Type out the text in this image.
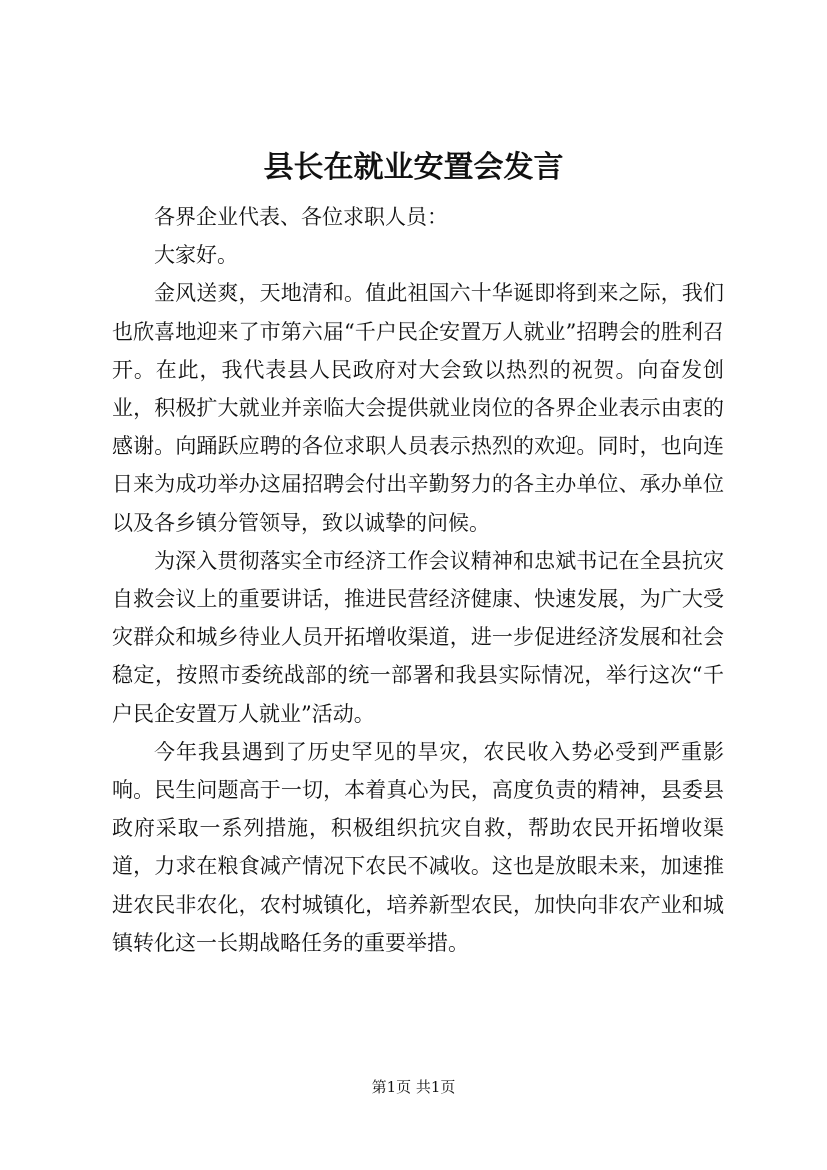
县长在就业安置会发言

各界企业代表、各位求职人员：

大家好。

金风送爽，天地清和。值此祖国六十华诞即将到来之际，我们也欣喜地迎来了市第六届“千户民企安置万人就业”招聘会的胜利召开。在此，我代表县人民政府对大会致以热烈的祝贺。向奋发创业，积极扩大就业并亲临大会提供就业岗位的各界企业表示由衷的感谢。向踊跃应聘的各位求职人员表示热烈的欢迎。同时，也向连日来为成功举办这届招聘会付出辛勤努力的各主办单位、承办单位以及各乡镇分管领导，致以诚挚的问候。

为深入贯彻落实全市经济工作会议精神和忠斌书记在全县抗灾自救会议上的重要讲话，推进民营经济健康、快速发展，为广大受灾群众和城乡待业人员开拓增收渠道，进一步促进经济发展和社会稳定，按照市委统战部的统一部署和我县实际情况，举行这次“千户民企安置万人就业”活动。

今年我县遇到了历史罕见的旱灾，农民收入势必受到严重影响。民生问题高于一切，本着真心为民，高度负责的精神，县委县政府采取一系列措施，积极组织抗灾自救，帮助农民开拓增收渠道，力求在粮食减产情况下农民不减收。这也是放眼未来，加速推进农民非农化，农村城镇化，培养新型农民，加快向非农产业和城镇转化这一长期战略任务的重要举措。

第1页 共1页
